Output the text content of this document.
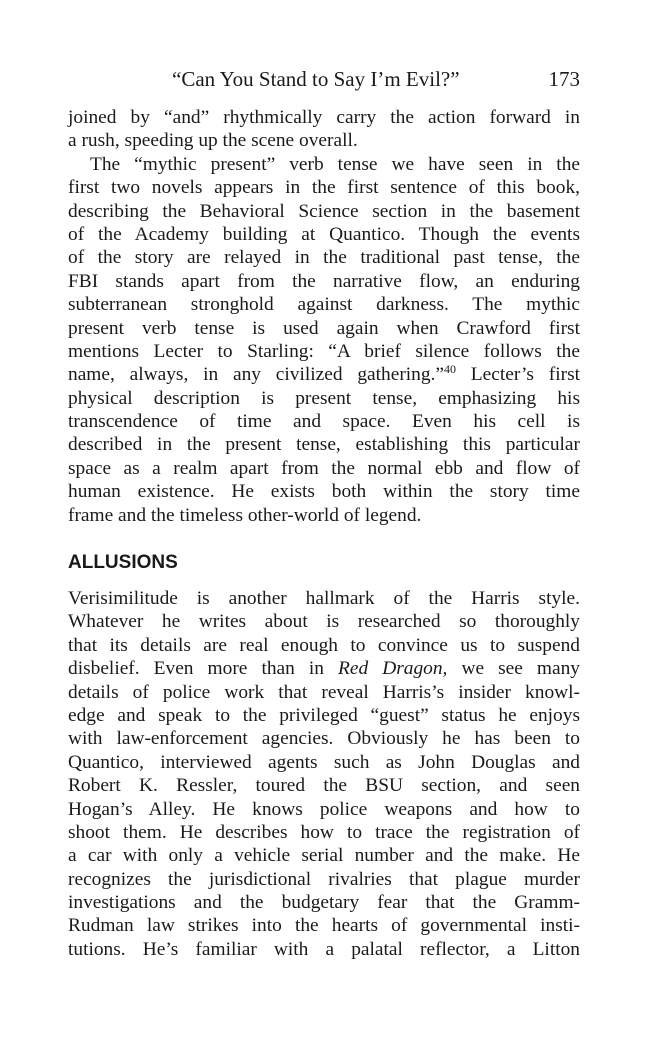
“Can You Stand to Say I’m Evil?”	173
joined by “and” rhythmically carry the action forward in
a rush, speeding up the scene overall.
The “mythic present” verb tense we have seen in the
first two novels appears in the first sentence of this book,
describing the Behavioral Science section in the basement
of the Academy building at Quantico. Though the events
of the story are relayed in the traditional past tense, the
FBI stands apart from the narrative flow, an enduring
subterranean stronghold against darkness. The mythic
present verb tense is used again when Crawford first
mentions Lecter to Starling: “A brief silence follows the
name, always, in any civilized gathering.”$^{40}$ Lecter’s first
physical description is present tense, emphasizing his
transcendence of time and space. Even his cell is
described in the present tense, establishing this particular
space as a realm apart from the normal ebb and flow of
human existence. He exists both within the story time
frame and the timeless other-world of legend.
ALLUSIONS
Verisimilitude is another hallmark of the Harris style.
Whatever he writes about is researched so thoroughly
that its details are real enough to convince us to suspend
disbelief. Even more than in Red Dragon, we see many
details of police work that reveal Harris’s insider knowl-
edge and speak to the privileged “guest” status he enjoys
with law-enforcement agencies. Obviously he has been to
Quantico, interviewed agents such as John Douglas and
Robert K. Ressler, toured the BSU section, and seen
Hogan’s Alley. He knows police weapons and how to
shoot them. He describes how to trace the registration of
a car with only a vehicle serial number and the make. He
recognizes the jurisdictional rivalries that plague murder
investigations and the budgetary fear that the Gramm-
Rudman law strikes into the hearts of governmental insti-
tutions. He’s familiar with a palatal reflector, a Litton
